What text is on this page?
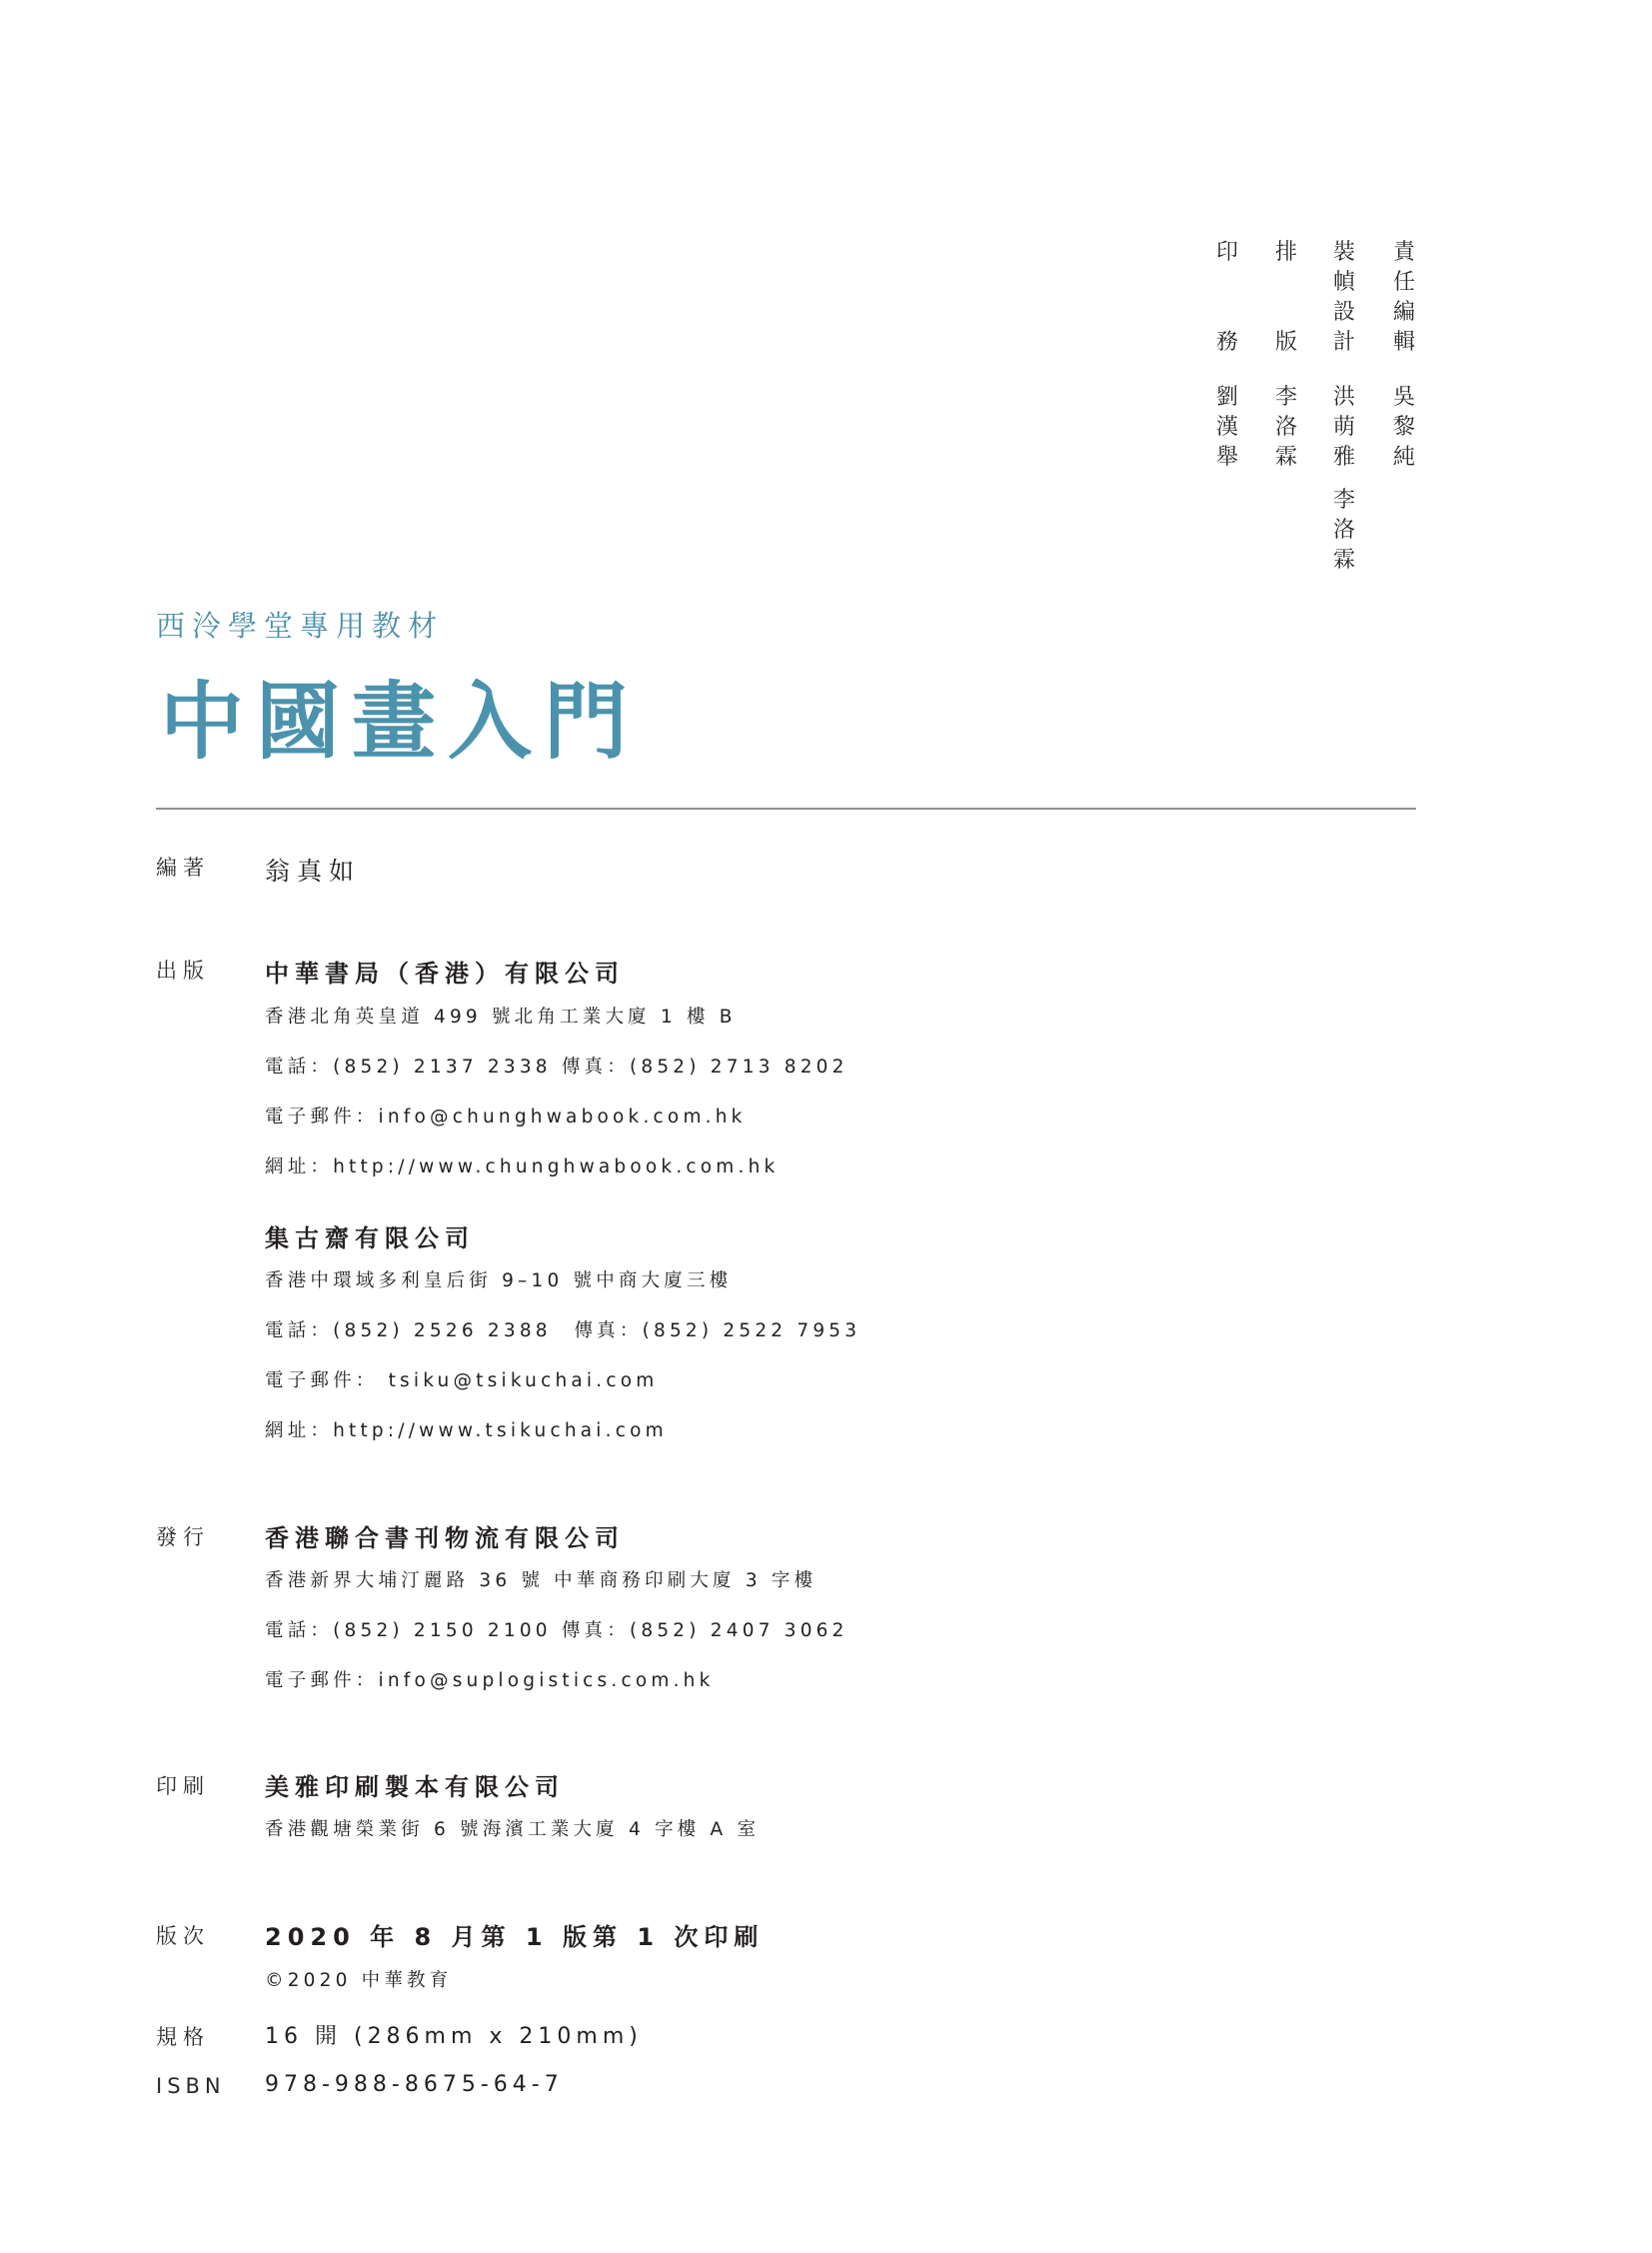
責
任
編
輯
吳
黎
純
裝
幀
設
計
洪
萌
雅
李
洛
霖
排
版
李
洛
霖
印
務
劉
漢
舉
西泠學堂專用教材
中國畫入門
編著 翁真如
出版 中華書局（香港）有限公司
香港北角英皇道 499 號北角工業大廈 1 樓 B
電話：(852) 2137 2338 傳真：(852) 2713 8202
電子郵件：info@chunghwabook.com.hk
網址：http://www.chunghwabook.com.hk
集古齋有限公司
香港中環域多利皇后街 9–10 號中商大廈三樓
電話：(852) 2526 2388　傳真：(852) 2522 7953
電子郵件： tsiku@tsikuchai.com
網址：http://www.tsikuchai.com
發行 香港聯合書刊物流有限公司
香港新界大埔汀麗路 36 號 中華商務印刷大廈 3 字樓
電話：(852) 2150 2100 傳真：(852) 2407 3062
電子郵件：info@suplogistics.com.hk
印刷 美雅印刷製本有限公司
香港觀塘榮業街 6 號海濱工業大廈 4 字樓 A 室
版次 2020 年 8 月第 1 版第 1 次印刷
©2020 中華教育
規格	16 開 (286mm x 210mm)
ISBN 978-988-8675-64-7
